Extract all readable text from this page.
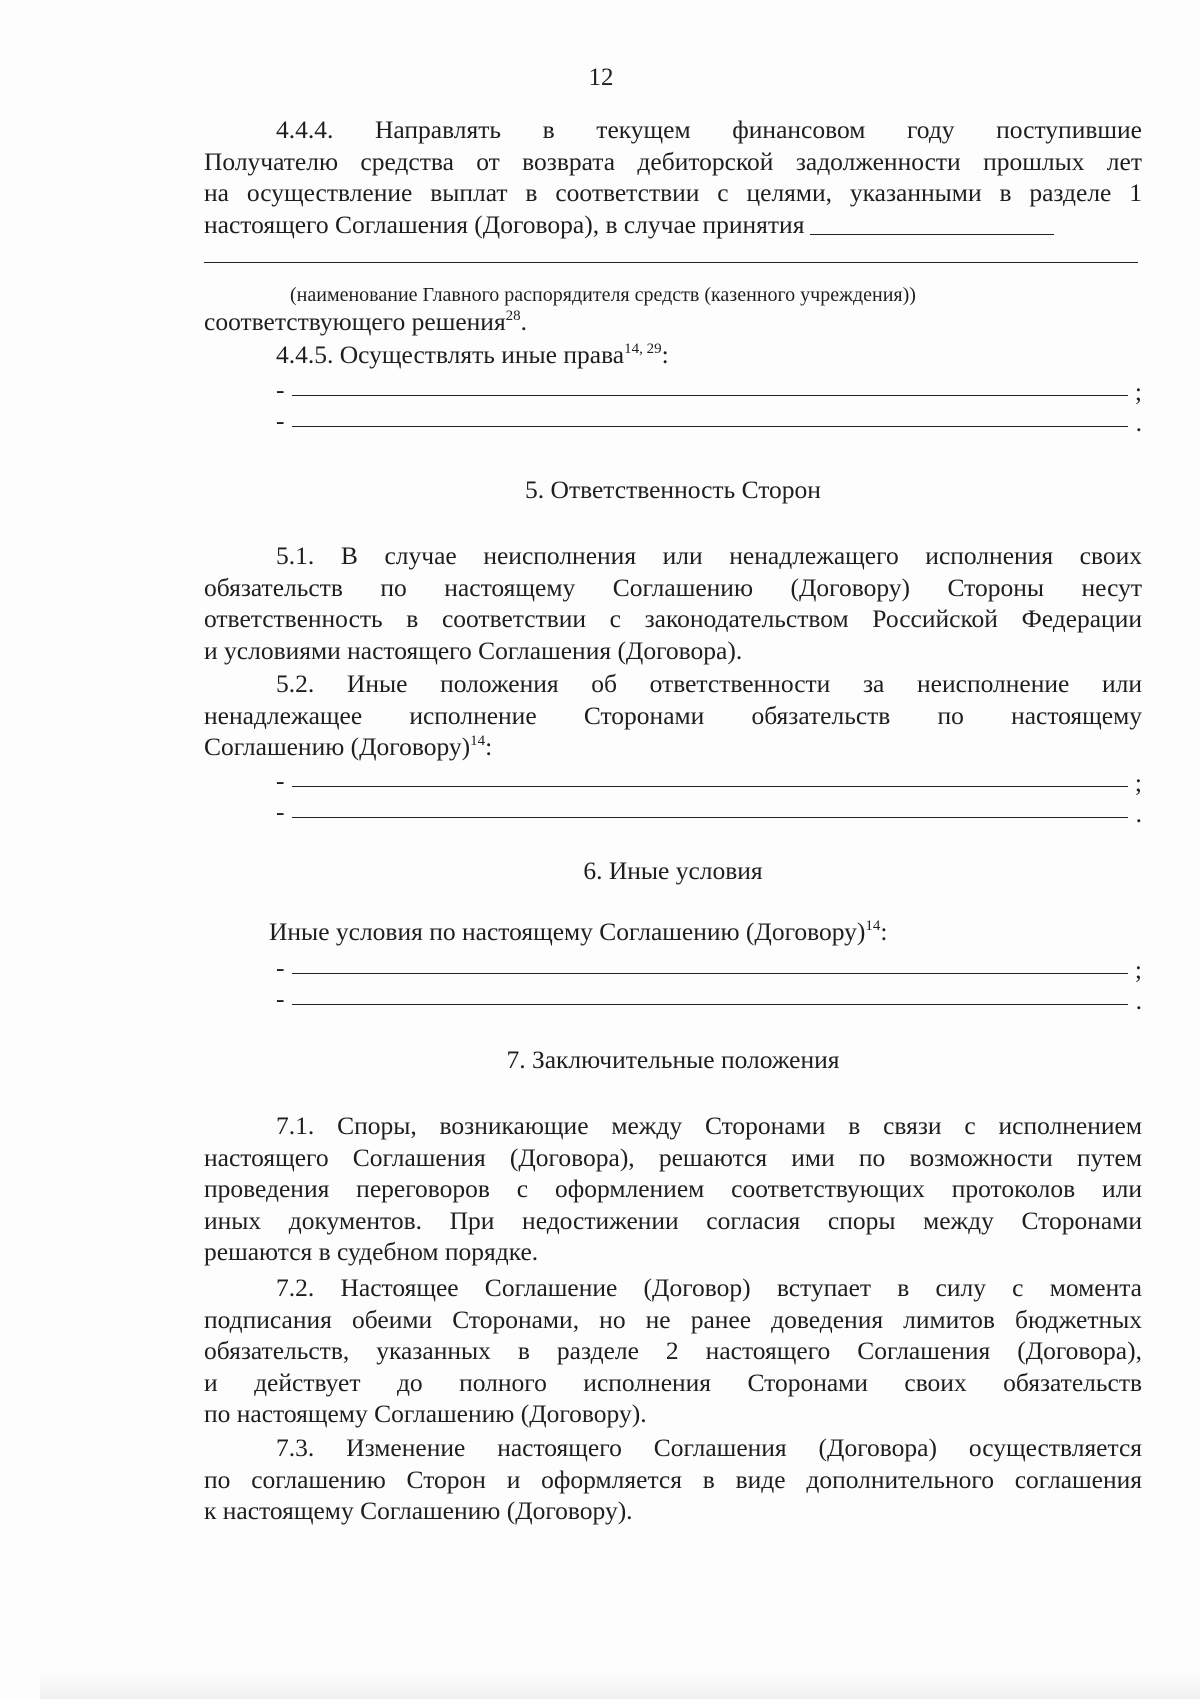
12
4.4.4. Направлять в текущем финансовом году поступившие
Получателю средства от возврата дебиторской задолженности прошлых лет
на осуществление выплат в соответствии с целями, указанными в разделе 1
настоящего Соглашения (Договора), в случае принятия
(наименование Главного распорядителя средств (казенного учреждения))
соответствующего решения$^{28}$.
4.4.5. Осуществлять иные права$^{14, 29}$:
-	;
-	.
5. Ответственность Сторон
5.1. В случае неисполнения или ненадлежащего исполнения своих
обязательств по настоящему Соглашению (Договору) Стороны несут
ответственность в соответствии с законодательством Российской Федерации
и условиями настоящего Соглашения (Договора).
5.2. Иные положения об ответственности за неисполнение или
ненадлежащее исполнение Сторонами обязательств по настоящему
Соглашению (Договору)$^{14}$:
-	;
-	.
6. Иные условия
Иные условия по настоящему Соглашению (Договору)$^{14}$:
-	;
-	.
7. Заключительные положения
7.1. Споры, возникающие между Сторонами в связи с исполнением
настоящего Соглашения (Договора), решаются ими по возможности путем
проведения переговоров с оформлением соответствующих протоколов или
иных документов. При недостижении согласия споры между Сторонами
решаются в судебном порядке.
7.2. Настоящее Соглашение (Договор) вступает в силу с момента
подписания обеими Сторонами, но не ранее доведения лимитов бюджетных
обязательств, указанных в разделе 2 настоящего Соглашения (Договора),
и действует до полного исполнения Сторонами своих обязательств
по настоящему Соглашению (Договору).
7.3. Изменение настоящего Соглашения (Договора) осуществляется
по соглашению Сторон и оформляется в виде дополнительного соглашения
к настоящему Соглашению (Договору).
